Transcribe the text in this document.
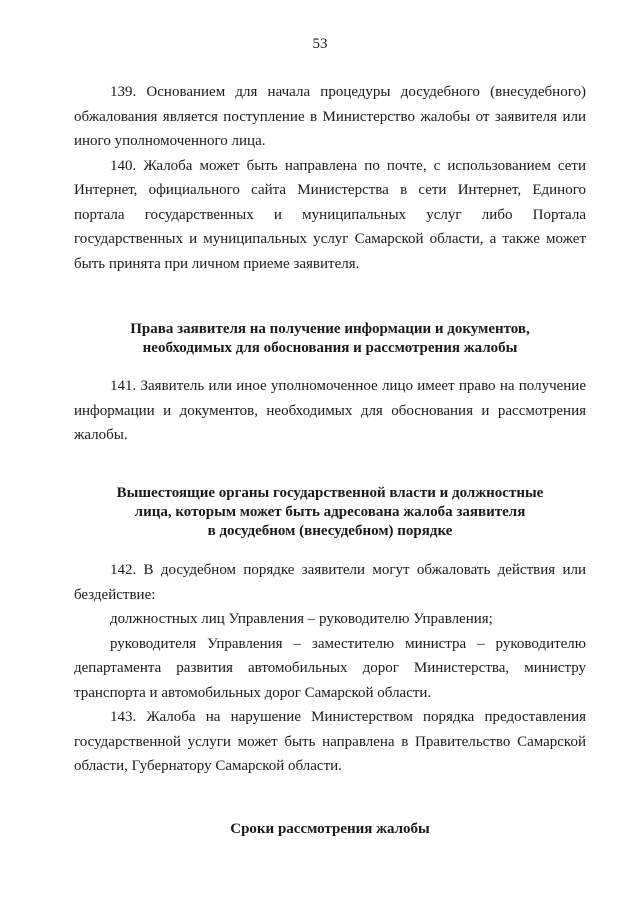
53

139. Основанием для начала процедуры досудебного (внесудебного) обжалования является поступление в Министерство жалобы от заявителя или иного уполномоченного лица.

140. Жалоба может быть направлена по почте, с использованием сети Интернет, официального сайта Министерства в сети Интернет, Единого портала государственных и муниципальных услуг либо Портала государственных и муниципальных услуг Самарской области, а также может быть принята при личном приеме заявителя.

Права заявителя на получение информации и документов,
необходимых для обоснования и рассмотрения жалобы

141. Заявитель или иное уполномоченное лицо имеет право на получение информации и документов, необходимых для обоснования и рассмотрения жалобы.

Вышестоящие органы государственной власти и должностные
лица, которым может быть адресована жалоба заявителя
в досудебном (внесудебном) порядке

142. В досудебном порядке заявители могут обжаловать действия или бездействие:

должностных лиц Управления – руководителю Управления;

руководителя Управления – заместителю министра – руководителю департамента развития автомобильных дорог Министерства, министру транспорта и автомобильных дорог Самарской области.

143. Жалоба на нарушение Министерством порядка предоставления государственной услуги может быть направлена в Правительство Самарской области, Губернатору Самарской области.

Сроки рассмотрения жалобы
